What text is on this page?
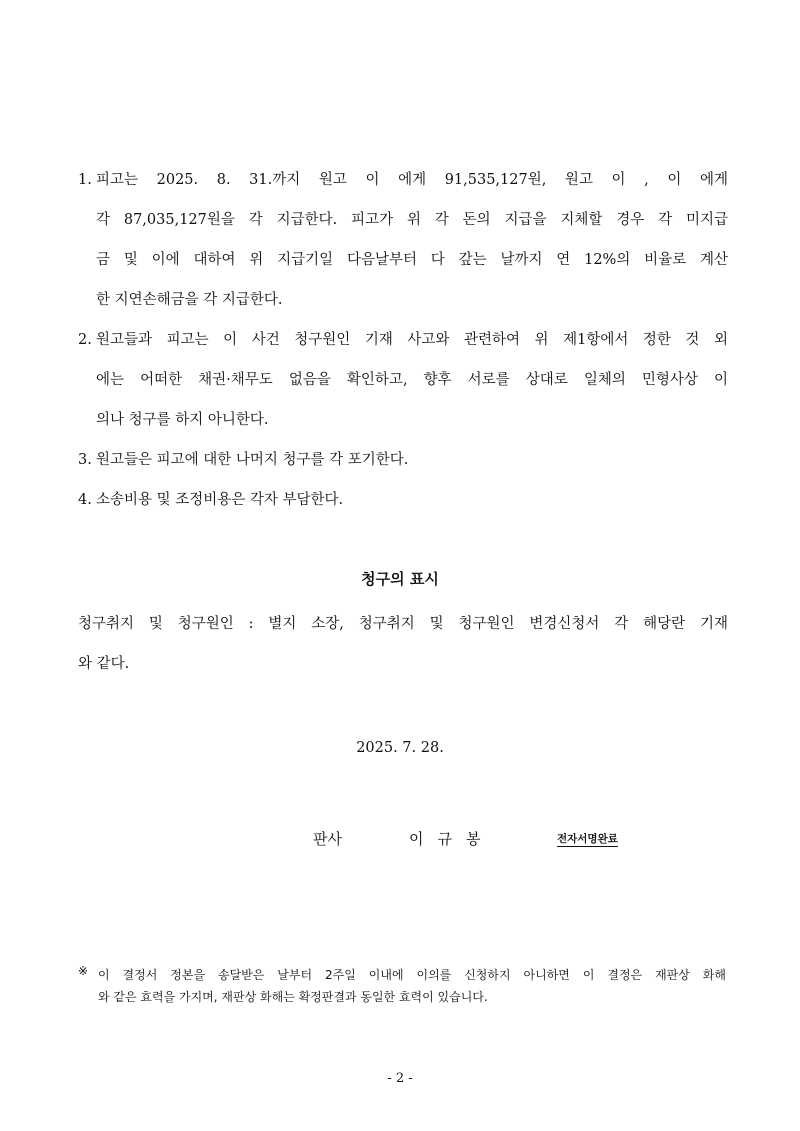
1. 피고는 2025. 8. 31.까지 원고 이 에게 91,535,127원, 원고 이 , 이 에게
각 87,035,127원을 각 지급한다. 피고가 위 각 돈의 지급을 지체할 경우 각 미지급
금 및 이에 대하여 위 지급기일 다음날부터 다 갚는 날까지 연 12%의 비율로 계산
한 지연손해금을 각 지급한다.
2. 원고들과 피고는 이 사건 청구원인 기재 사고와 관련하여 위 제1항에서 정한 것 외
에는 어떠한 채권·채무도 없음을 확인하고, 향후 서로를 상대로 일체의 민형사상 이
의나 청구를 하지 아니한다.
3. 원고들은 피고에 대한 나머지 청구를 각 포기한다.
4. 소송비용 및 조정비용은 각자 부담한다.
청구의 표시
청구취지 및 청구원인 : 별지 소장, 청구취지 및 청구원인 변경신청서 각 해당란 기재
와 같다.
2025. 7. 28.
판사	이규봉	전자서명완료
※ 이 결정서 정본을 송달받은 날부터 2주일 이내에 이의를 신청하지 아니하면 이 결정은 재판상 화해
와 같은 효력을 가지며, 재판상 화해는 확정판결과 동일한 효력이 있습니다.
- 2 -
